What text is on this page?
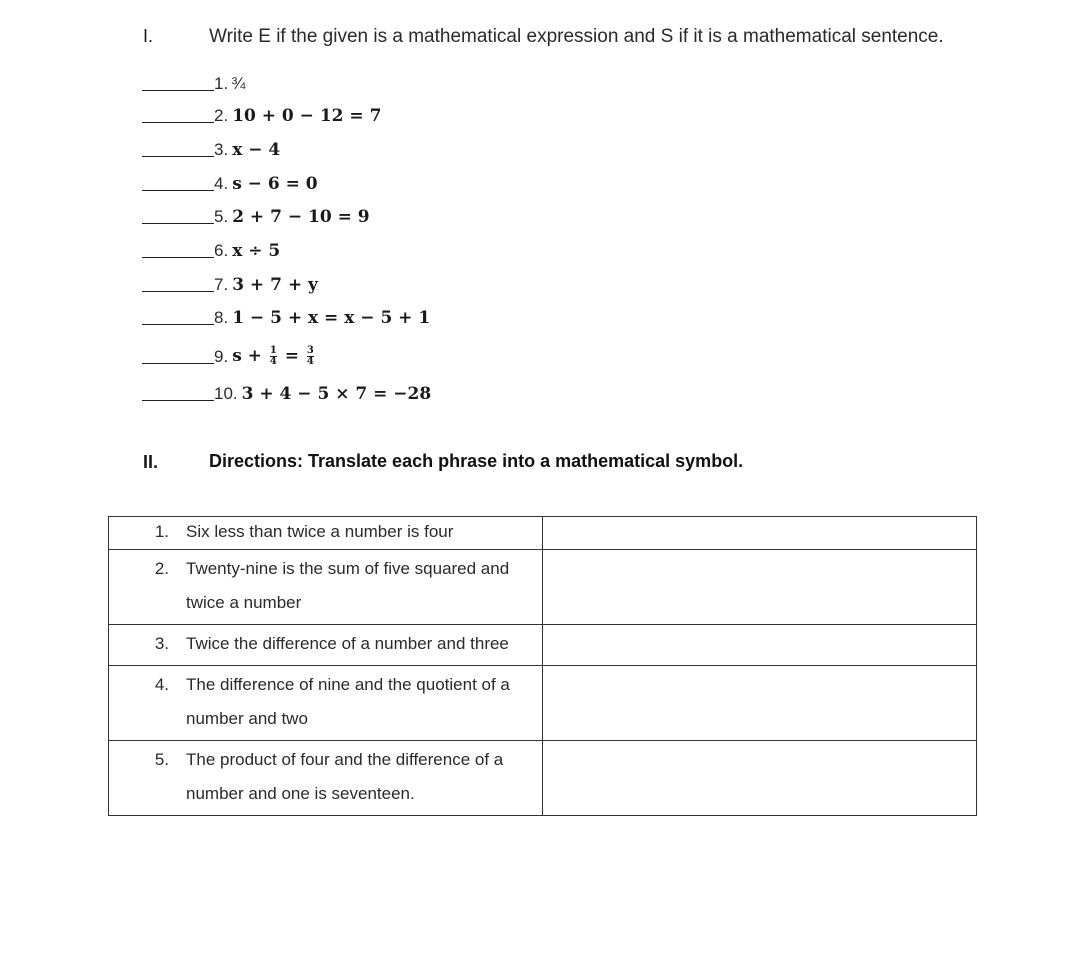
I.	Write E if the given is a mathematical expression and S if it is a mathematical sentence.
1. ¾
2. 10 + 0 − 12 = 7
3. x − 4
4. s − 6 = 0
5. 2 + 7 − 10 = 9
6. x ÷ 5
7. 3 + 7 + y
8. 1 − 5 + x = x − 5 + 1
9. $s + \frac{1}{4} = \frac{3}{4}$
10. 3 + 4 − 5 × 7 = −28
II.	Directions: Translate each phrase into a mathematical symbol.
1. Six less than twice a number is four	

2. Twenty-nine is the sum of five squared and twice a number	

3. Twice the difference of a number and three	

4. The difference of nine and the quotient of a number and two	

5. The product of four and the difference of a number and one is seventeen.	
